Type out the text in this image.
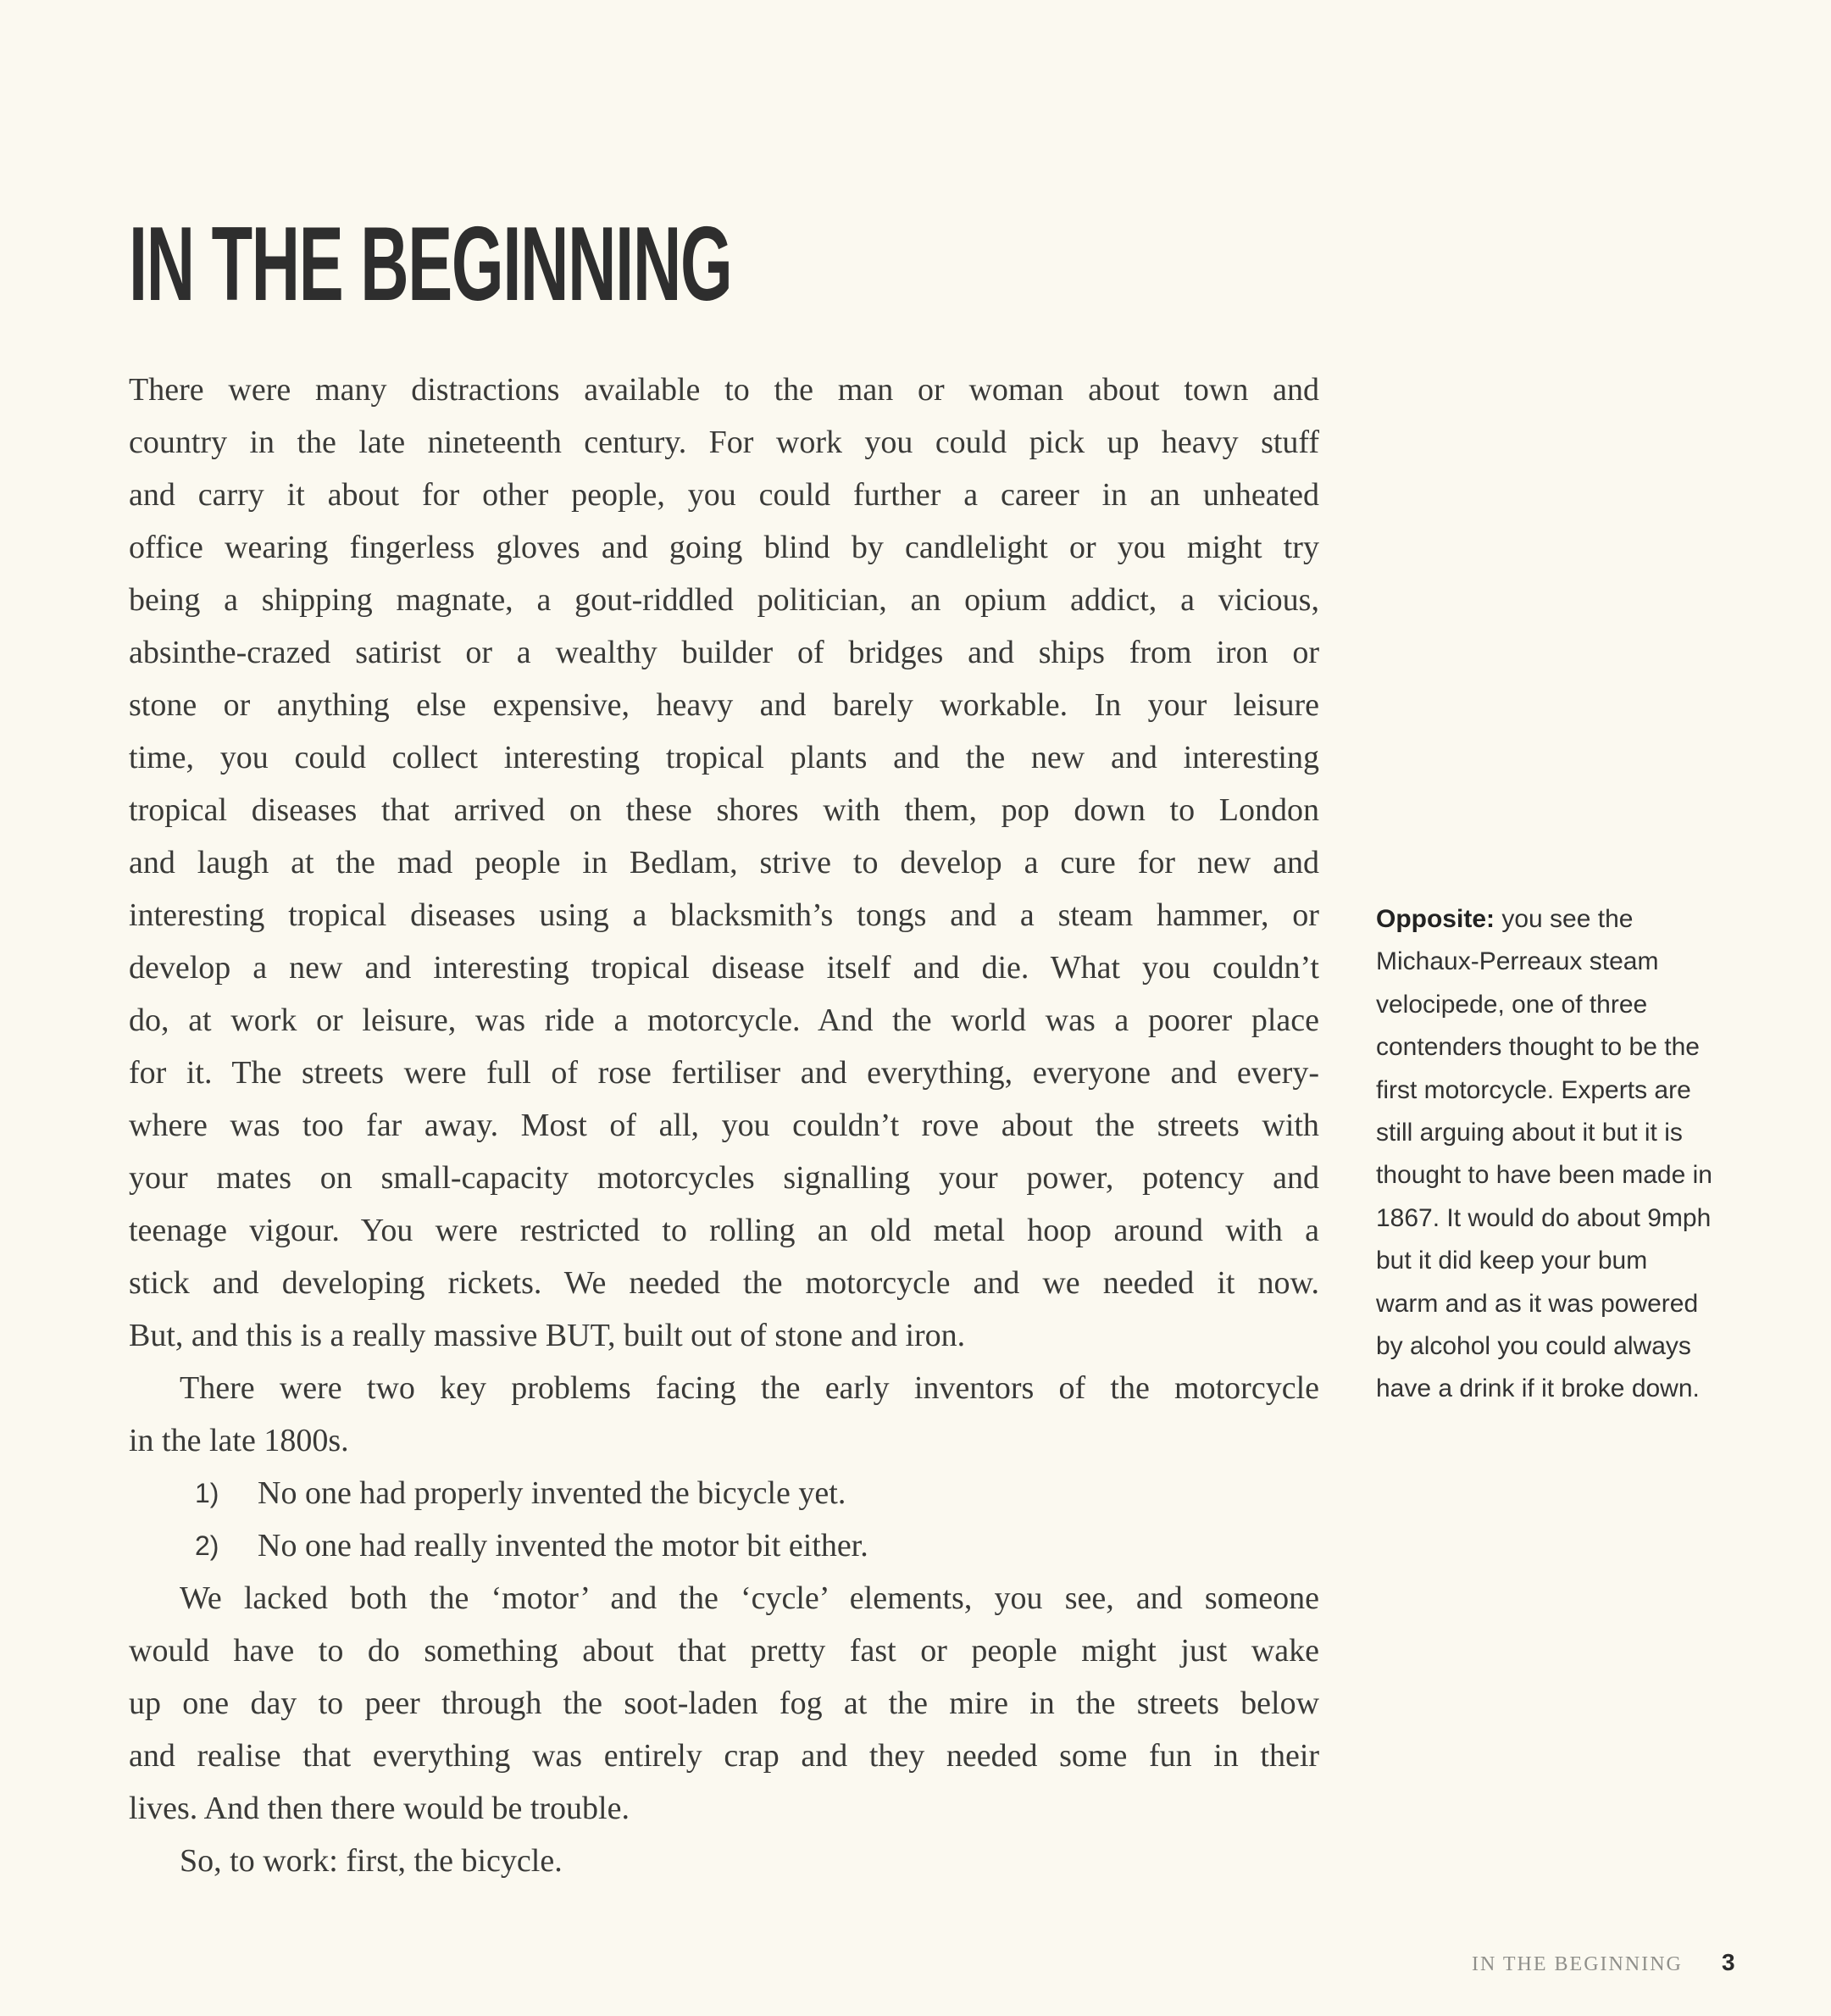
IN THE BEGINNING
There were many distractions available to the man or woman about town and
country in the late nineteenth century. For work you could pick up heavy stuff
and carry it about for other people, you could further a career in an unheated
office wearing fingerless gloves and going blind by candlelight or you might try
being a shipping magnate, a gout-riddled politician, an opium addict, a vicious,
absinthe-crazed satirist or a wealthy builder of bridges and ships from iron or
stone or anything else expensive, heavy and barely workable. In your leisure
time, you could collect interesting tropical plants and the new and interesting
tropical diseases that arrived on these shores with them, pop down to London
and laugh at the mad people in Bedlam, strive to develop a cure for new and
interesting tropical diseases using a blacksmith’s tongs and a steam hammer, or
develop a new and interesting tropical disease itself and die. What you couldn’t
do, at work or leisure, was ride a motorcycle. And the world was a poorer place
for it. The streets were full of rose fertiliser and everything, everyone and every-
where was too far away. Most of all, you couldn’t rove about the streets with
your mates on small-capacity motorcycles signalling your power, potency and
teenage vigour. You were restricted to rolling an old metal hoop around with a
stick and developing rickets. We needed the motorcycle and we needed it now.
But, and this is a really massive BUT, built out of stone and iron.
There were two key problems facing the early inventors of the motorcycle
in the late 1800s.
1) No one had properly invented the bicycle yet.
2) No one had really invented the motor bit either.
We lacked both the ‘motor’ and the ‘cycle’ elements, you see, and someone
would have to do something about that pretty fast or people might just wake
up one day to peer through the soot-laden fog at the mire in the streets below
and realise that everything was entirely crap and they needed some fun in their
lives. And then there would be trouble.
So, to work: first, the bicycle.
Opposite: you see the
Michaux-Perreaux steam
velocipede, one of three
contenders thought to be the
first motorcycle. Experts are
still arguing about it but it is
thought to have been made in
1867. It would do about 9mph
but it did keep your bum
warm and as it was powered
by alcohol you could always
have a drink if it broke down.
IN THE BEGINNING 3
